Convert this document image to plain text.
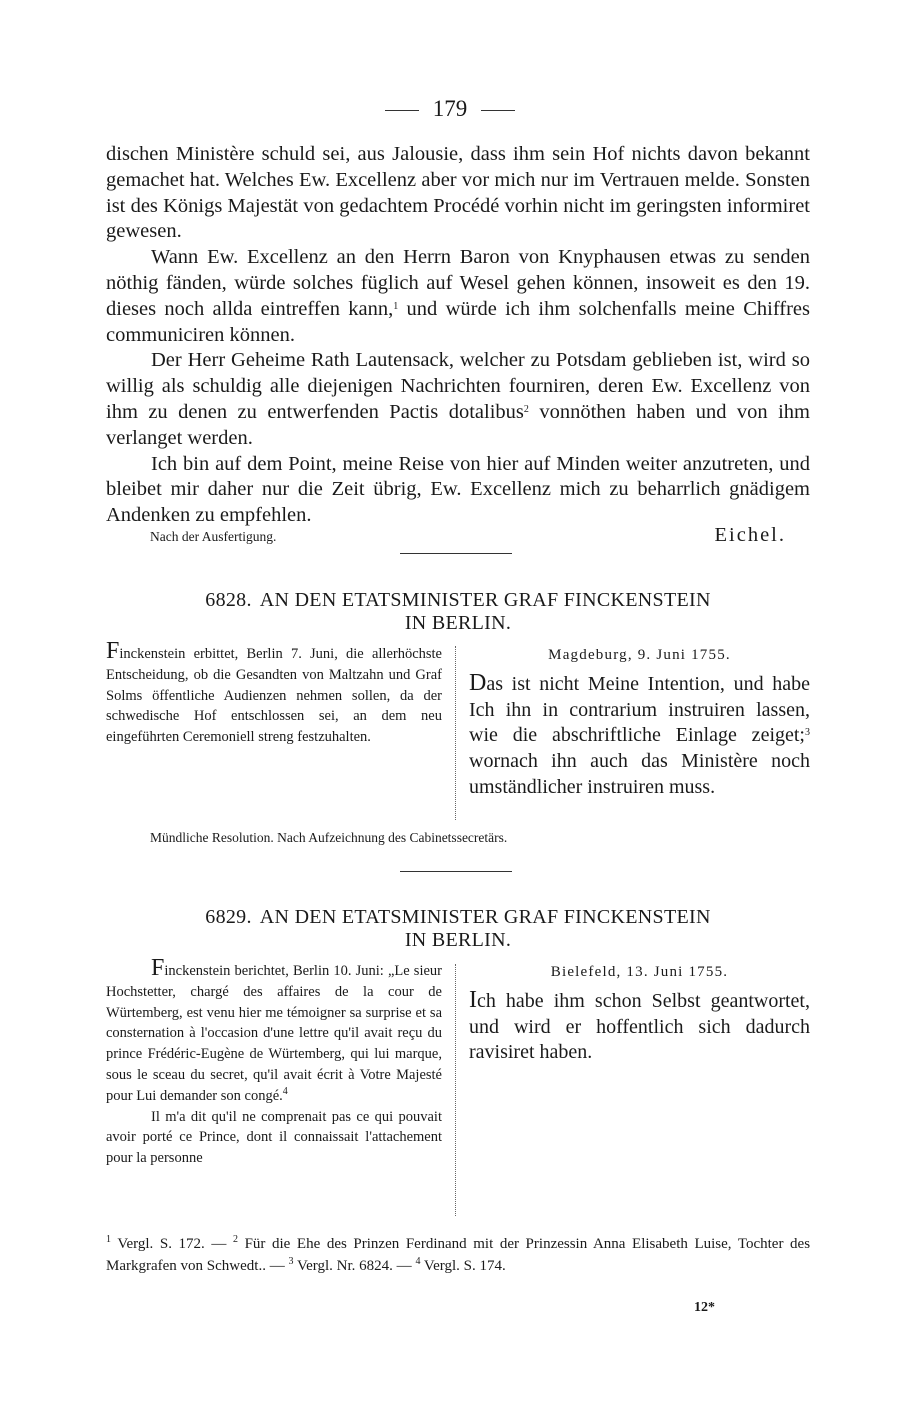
179

dischen Ministère schuld sei, aus Jalousie, dass ihm sein Hof nichts davon bekannt gemachet hat. Welches Ew. Excellenz aber vor mich nur im Vertrauen melde. Sonsten ist des Königs Majestät von gedachtem Procédé vorhin nicht im geringsten informiret gewesen.

Wann Ew. Excellenz an den Herrn Baron von Knyphausen etwas zu senden nöthig fänden, würde solches füglich auf Wesel gehen können, insoweit es den 19. dieses noch allda eintreffen kann,$^1$ und würde ich ihm solchenfalls meine Chiffres communiciren können.

Der Herr Geheime Rath Lautensack, welcher zu Potsdam geblieben ist, wird so willig als schuldig alle diejenigen Nachrichten fourniren, deren Ew. Excellenz von ihm zu denen zu entwerfenden Pactis dotalibus$^2$ vonnöthen haben und von ihm verlanget werden.

Ich bin auf dem Point, meine Reise von hier auf Minden weiter anzutreten, und bleibet mir daher nur die Zeit übrig, Ew. Excellenz mich zu beharrlich gnädigem Andenken zu empfehlen.

Nach der Ausfertigung.	Eichel.
6828. AN DEN ETATSMINISTER GRAF FINCKENSTEIN
IN BERLIN.

Finckenstein erbittet, Berlin 7. Juni, die allerhöchste Entscheidung, ob die Gesandten von Maltzahn und Graf Solms öffentliche Audienzen nehmen sollen, da der schwedische Hof entschlossen sei, an dem neu eingeführten Ceremoniell streng festzuhalten.

Magdeburg, 9. Juni 1755.

Das ist nicht Meine Intention, und habe Ich ihn in contrarium instruiren lassen, wie die abschriftliche Einlage zeiget;$^3$ wornach ihn auch das Ministère noch umständlicher instruiren muss.

Mündliche Resolution. Nach Aufzeichnung des Cabinetssecretärs.
6829. AN DEN ETATSMINISTER GRAF FINCKENSTEIN
IN BERLIN.

Finckenstein berichtet, Berlin 10. Juni: „Le sieur Hochstetter, chargé des affaires de la cour de Würtemberg, est venu hier me témoigner sa surprise et sa consternation à l'occasion d'une lettre qu'il avait reçu du prince Frédéric-Eugène de Würtemberg, qui lui marque, sous le sceau du secret, qu'il avait écrit à Votre Majesté pour Lui demander son congé.$^4$

Il m'a dit qu'il ne comprenait pas ce qui pouvait avoir porté ce Prince, dont il connaissait l'attachement pour la personne

Bielefeld, 13. Juni 1755.

Ich habe ihm schon Selbst geantwortet, und wird er hoffentlich sich dadurch ravisiret haben.

$^1$ Vergl. S. 172. — $^2$ Für die Ehe des Prinzen Ferdinand mit der Prinzessin Anna Elisabeth Luise, Tochter des Markgrafen von Schwedt.. — $^3$ Vergl. Nr. 6824. — $^4$ Vergl. S. 174.
12*
